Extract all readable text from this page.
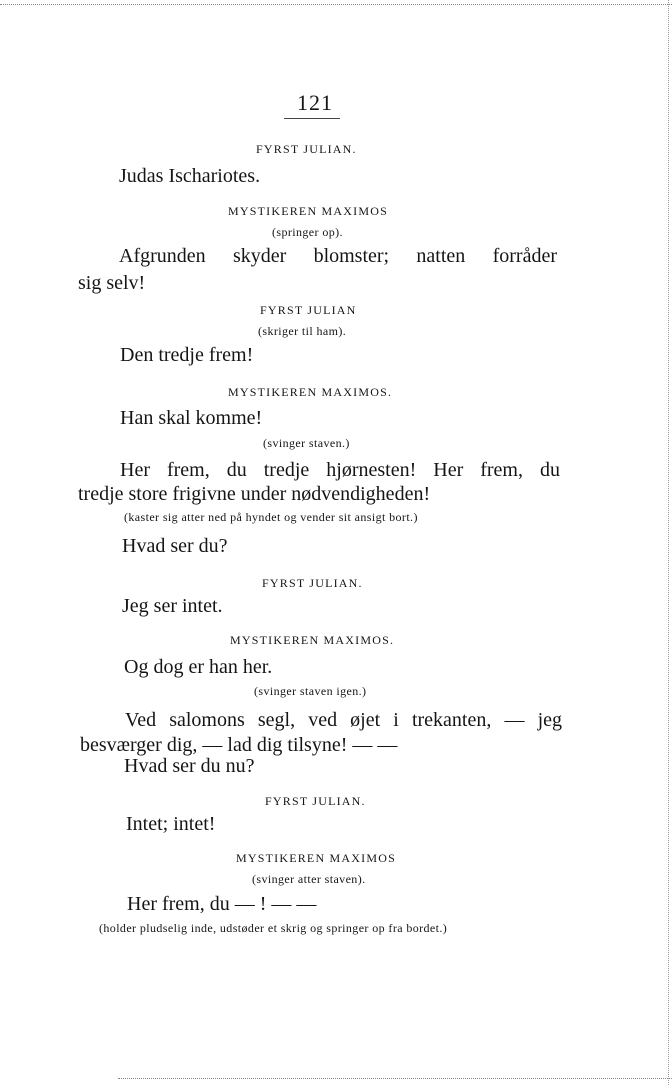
121
FYRST JULIAN.
Judas Ischariotes.
MYSTIKEREN MAXIMOS
(springer op).
Afgrunden skyder blomster; natten forråder
sig selv!
FYRST JULIAN
(skriger til ham).
Den tredje frem!
MYSTIKEREN MAXIMOS.
Han skal komme!
(svinger staven.)
Her frem, du tredje hjørnesten! Her frem, du
tredje store frigivne under nødvendigheden!
(kaster sig atter ned på hyndet og vender sit ansigt bort.)
Hvad ser du?
FYRST JULIAN.
Jeg ser intet.
MYSTIKEREN MAXIMOS.
Og dog er han her.
(svinger staven igen.)
Ved salomons segl, ved øjet i trekanten, — jeg
besværger dig, — lad dig tilsyne! — —
Hvad ser du nu?
FYRST JULIAN.
Intet; intet!
MYSTIKEREN MAXIMOS
(svinger atter staven).
Her frem, du — ! — —
(holder pludselig inde, udstøder et skrig og springer op fra bordet.)
